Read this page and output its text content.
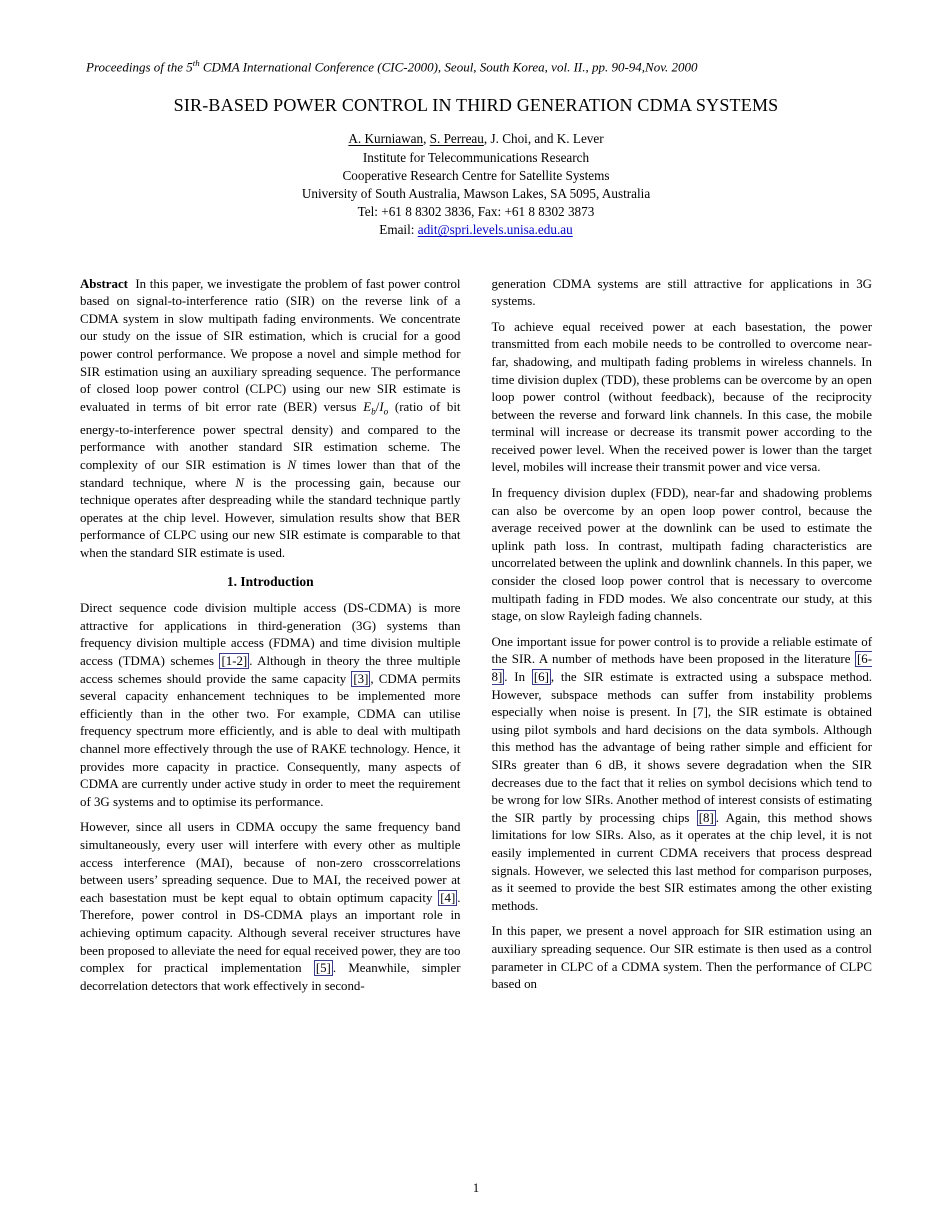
Proceedings of the 5th CDMA International Conference (CIC-2000), Seoul, South Korea, vol. II., pp. 90-94,Nov. 2000
SIR-BASED POWER CONTROL IN THIRD GENERATION CDMA SYSTEMS
A. Kurniawan, S. Perreau, J. Choi, and K. Lever
Institute for Telecommunications Research
Cooperative Research Centre for Satellite Systems
University of South Australia, Mawson Lakes, SA 5095, Australia
Tel: +61 8 8302 3836, Fax: +61 8 8302 3873
Email: adit@spri.levels.unisa.edu.au
Abstract  In this paper, we investigate the problem of fast power control based on signal-to-interference ratio (SIR) on the reverse link of a CDMA system in slow multipath fading environments. We concentrate our study on the issue of SIR estimation, which is crucial for a good power control performance. We propose a novel and simple method for SIR estimation using an auxiliary spreading sequence. The performance of closed loop power control (CLPC) using our new SIR estimate is evaluated in terms of bit error rate (BER) versus $E_b/I_o$ (ratio of bit energy-to-interference power spectral density) and compared to the performance with another standard SIR estimation scheme. The complexity of our SIR estimation is N times lower than that of the standard technique, where N is the processing gain, because our technique operates after despreading while the standard technique partly operates at the chip level. However, simulation results show that BER performance of CLPC using our new SIR estimate is comparable to that when the standard SIR estimate is used.
1. Introduction
Direct sequence code division multiple access (DS-CDMA) is more attractive for applications in third-generation (3G) systems than frequency division multiple access (FDMA) and time division multiple access (TDMA) schemes [1-2] . Although in theory the three multiple access schemes should provide the same capacity [3] , CDMA permits several capacity enhancement techniques to be implemented more efficiently than in the other two. For example, CDMA can utilise frequency spectrum more efficiently, and is able to deal with multipath channel more effectively through the use of RAKE technology. Hence, it provides more capacity in practice. Consequently, many aspects of CDMA are currently under active study in order to meet the requirement of 3G systems and to optimise its performance.
However, since all users in CDMA occupy the same frequency band simultaneously, every user will interfere with every other as multiple access interference (MAI), because of non-zero crosscorrelations between users’ spreading sequence. Due to MAI, the received power at each basestation must be kept equal to obtain optimum capacity [4] . Therefore, power control in DS-CDMA plays an important role in achieving optimum capacity. Although several receiver structures have been proposed to alleviate the need for equal received power, they are too complex for practical implementation [5] . Meanwhile, simpler decorrelation detectors that work effectively in second-
generation CDMA systems are still attractive for applications in 3G systems.
To achieve equal received power at each basestation, the power transmitted from each mobile needs to be controlled to overcome near-far, shadowing, and multipath fading problems in wireless channels. In time division duplex (TDD), these problems can be overcome by an open loop power control (without feedback), because of the reciprocity between the reverse and forward link channels. In this case, the mobile terminal will increase or decrease its transmit power according to the received power level. When the received power is lower than the target level, mobiles will increase their transmit power and vice versa.
In frequency division duplex (FDD), near-far and shadowing problems can also be overcome by an open loop power control, because the average received power at the downlink can be used to estimate the uplink path loss. In contrast, multipath fading characteristics are uncorrelated between the uplink and downlink channels. In this paper, we consider the closed loop power control that is necessary to overcome multipath fading in FDD modes. We also concentrate our study, at this stage, on slow Rayleigh fading channels.
One important issue for power control is to provide a reliable estimate of the SIR. A number of methods have been proposed in the literature [6-8] . In [6] , the SIR estimate is extracted using a subspace method. However, subspace methods can suffer from instability problems especially when noise is present. In [7], the SIR estimate is obtained using pilot symbols and hard decisions on the data symbols. Although this method has the advantage of being rather simple and efficient for SIRs greater than 6 dB, it shows severe degradation when the SIR decreases due to the fact that it relies on symbol decisions which tend to be wrong for low SIRs. Another method of interest consists of estimating the SIR partly by processing chips [8] . Again, this method shows limitations for low SIRs. Also, as it operates at the chip level, it is not easily implemented in current CDMA receivers that process despread signals. However, we selected this last method for comparison purposes, as it seemed to provide the best SIR estimates among the other existing methods.
In this paper, we present a novel approach for SIR estimation using an auxiliary spreading sequence. Our SIR estimate is then used as a control parameter in CLPC of a CDMA system. Then the performance of CLPC based on
1
